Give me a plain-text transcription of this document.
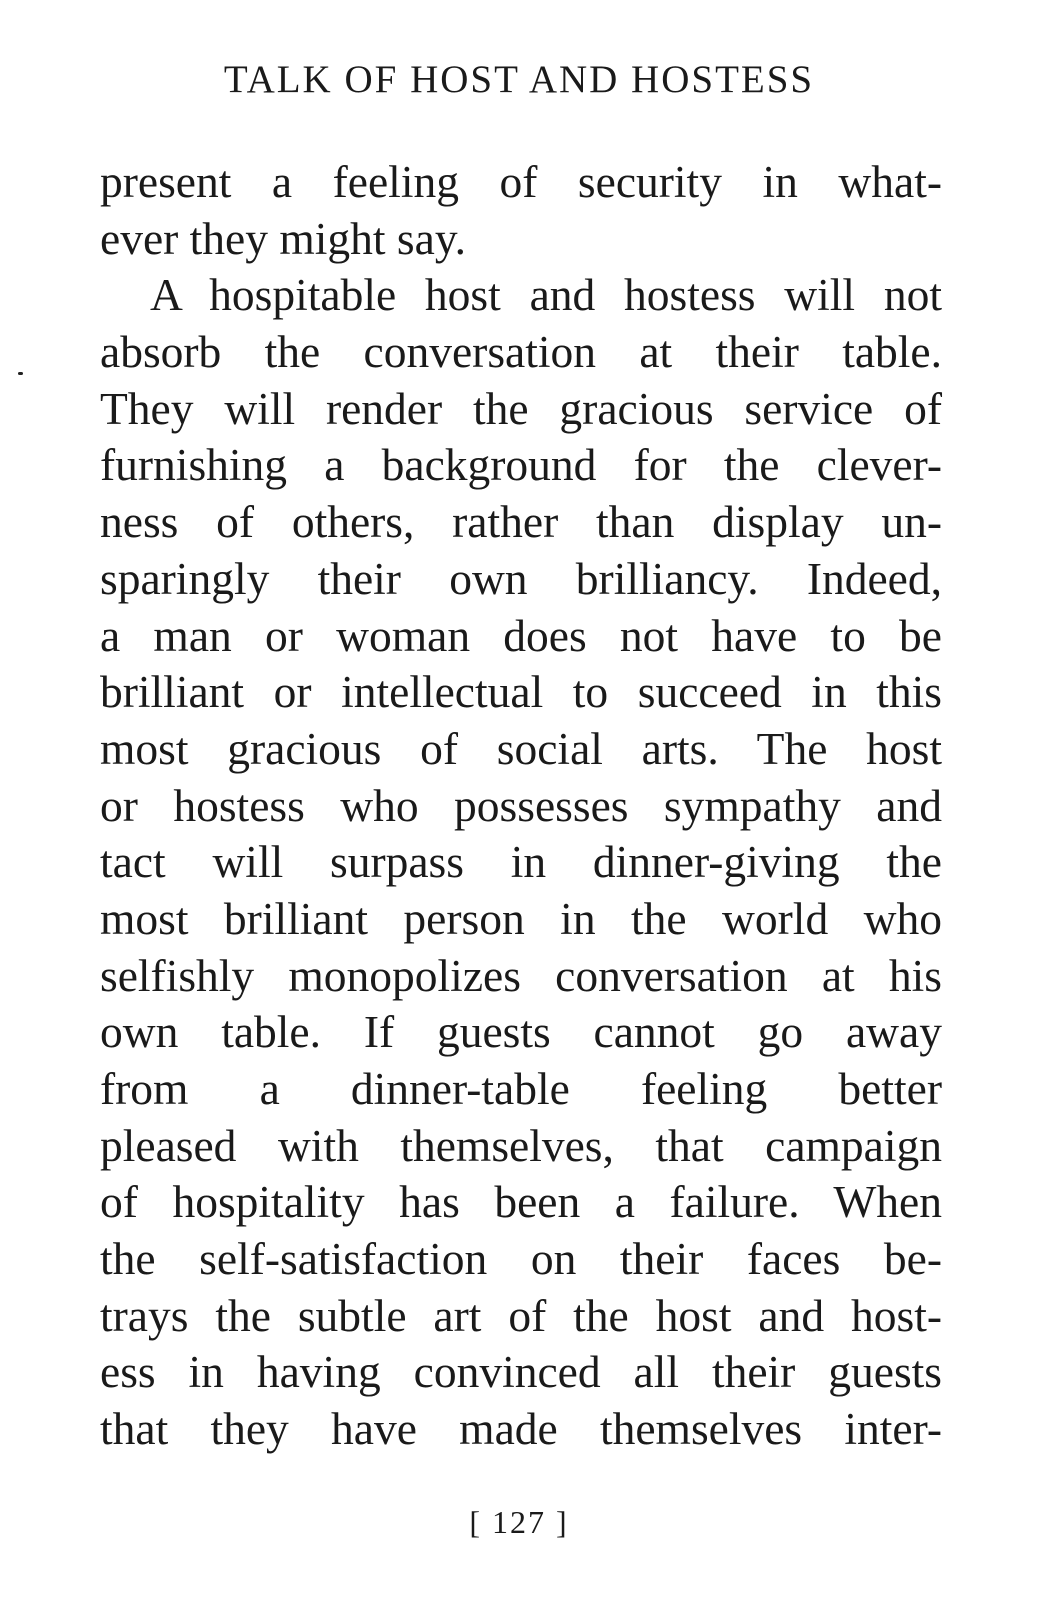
TALK OF HOST AND HOSTESS
present a feeling of security in what-
ever they might say.
A hospitable host and hostess will not
absorb the conversation at their table.
They will render the gracious service of
furnishing a background for the clever-
ness of others, rather than display un-
sparingly their own brilliancy. Indeed,
a man or woman does not have to be
brilliant or intellectual to succeed in this
most gracious of social arts. The host
or hostess who possesses sympathy and
tact will surpass in dinner-giving the
most brilliant person in the world who
selfishly monopolizes conversation at his
own table. If guests cannot go away
from a dinner-table feeling better
pleased with themselves, that campaign
of hospitality has been a failure. When
the self-satisfaction on their faces be-
trays the subtle art of the host and host-
ess in having convinced all their guests
that they have made themselves inter-
[ 127 ]
